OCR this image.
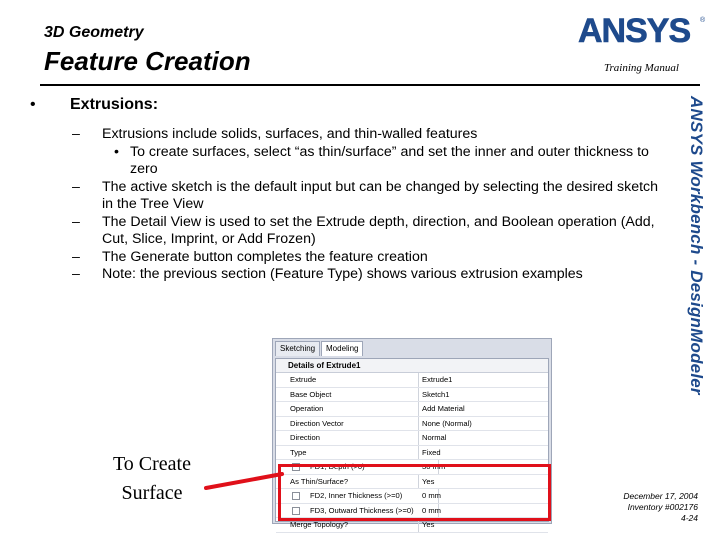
3D Geometry
Feature Creation
ANSYS ®
Training Manual
ANSYS Workbench - DesignModeler
• Extrusions:
– Extrusions include solids, surfaces, and thin-walled features
• To create surfaces, select “as thin/surface” and set the inner and outer thickness to zero
– The active sketch is the default input but can be changed by selecting the desired sketch in the Tree View
– The Detail View is used to set the Extrude depth, direction, and Boolean operation (Add, Cut, Slice, Imprint, or Add Frozen)
– The Generate button completes the feature creation
– Note: the previous section (Feature Type) shows various extrusion examples
Sketching	Modeling
Details of Extrude1
Extrude	Extrude1
Base Object	Sketch1
Operation	Add Material
Direction Vector	None (Normal)
Direction	Normal
Type	Fixed
FD1, Depth (>0)	30 mm
As Thin/Surface?	Yes
FD2, Inner Thickness (>=0)	0 mm
FD3, Outward Thickness (>=0)	0 mm
Merge Topology?	Yes
To Create
Surface	December 17, 2004
Inventory #002176
4-24
